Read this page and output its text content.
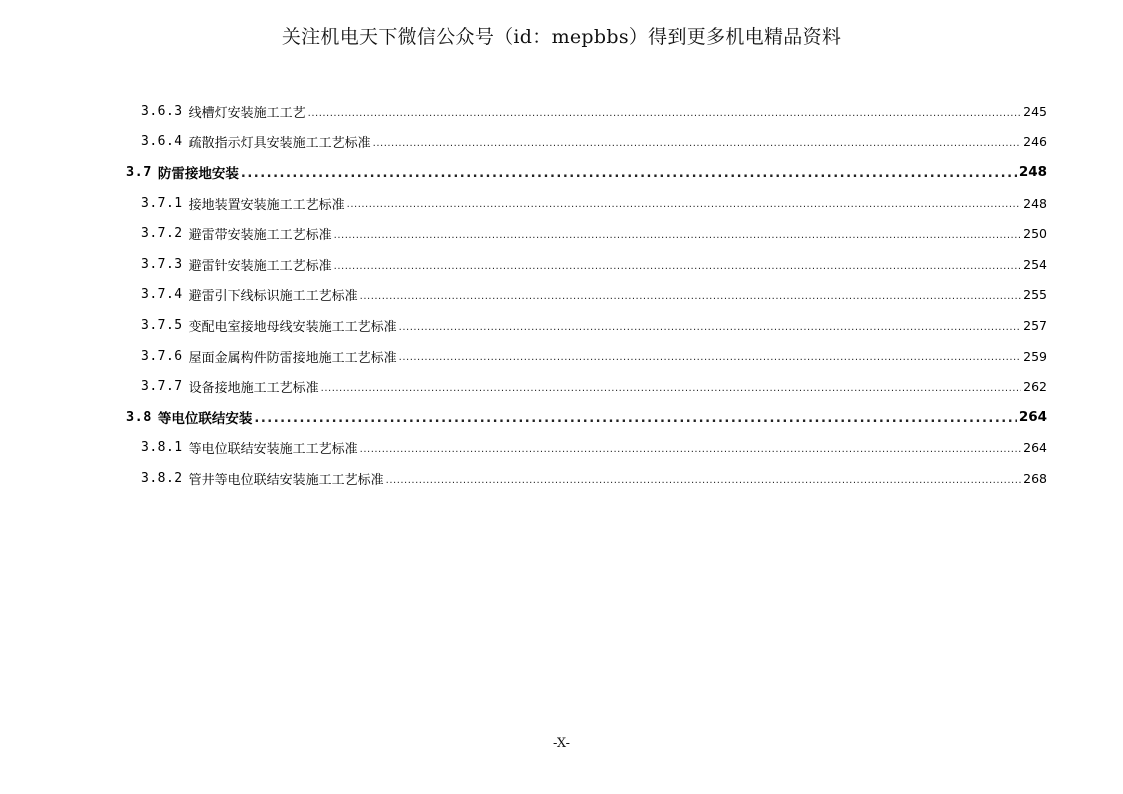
关注机电天下微信公众号（id：mepbbs）得到更多机电精品资料
3.6.3 线槽灯安装施工工艺 .....	245
3.6.4 疏散指示灯具安装施工工艺标准 .....	246
3.7 防雷接地安装 .....	248
3.7.1 接地装置安装施工工艺标准 .....	248
3.7.2 避雷带安装施工工艺标准 .....	250
3.7.3 避雷针安装施工工艺标准 .....	254
3.7.4 避雷引下线标识施工工艺标准 .....	255
3.7.5 变配电室接地母线安装施工工艺标准 .....	257
3.7.6 屋面金属构件防雷接地施工工艺标准 .....	259
3.7.7 设备接地施工工艺标准 .....	262
3.8 等电位联结安装 .....	264
3.8.1 等电位联结安装施工工艺标准 .....	264
3.8.2 管井等电位联结安装施工工艺标准 .....	268
-X-
